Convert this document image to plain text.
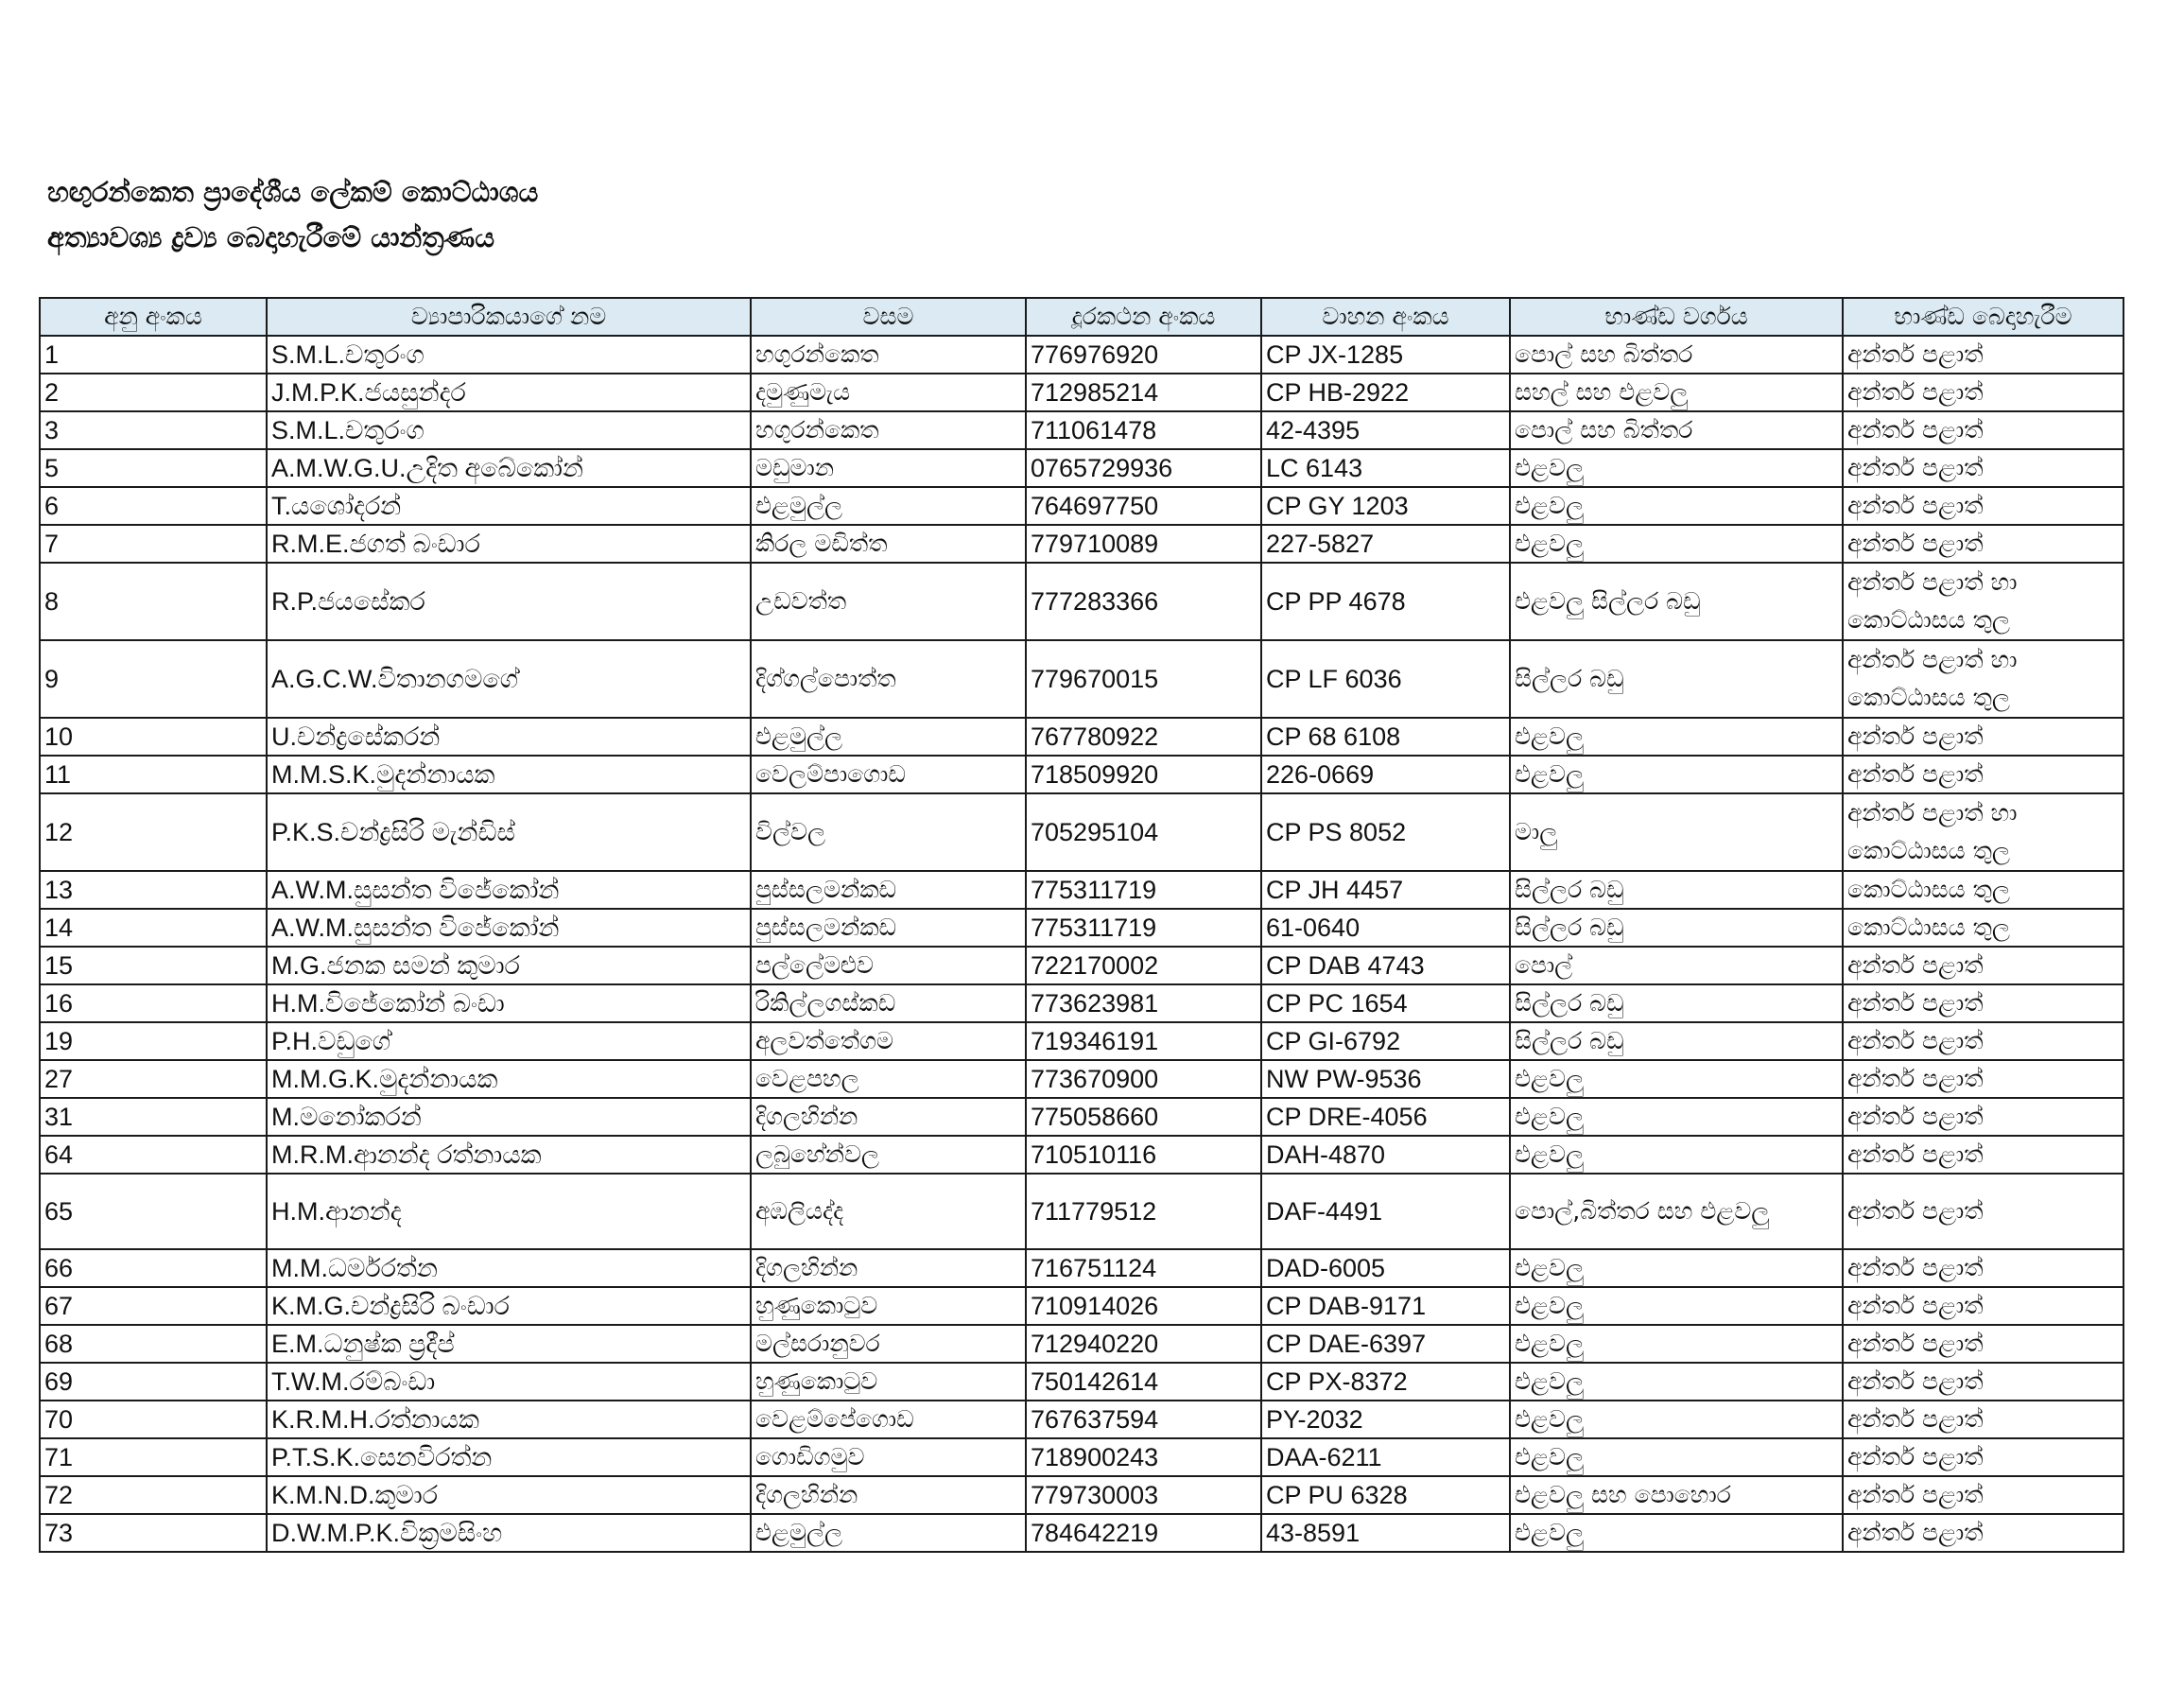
හඟුරන්කෙත ප්‍රාදේශීය ලේකම් කොට්ඨාශය
අත්‍යාවශ්‍ය ද්‍රව්‍ය බෙදාහැරීමේ යාන්ත්‍රණය
අනු අංකය	ව්‍යාපාරිකයාගේ නම	වසම	දූරකථන අංකය	වාහන අංකය	භාණ්ඩ වර්ගය	භාණ්ඩ බෙදාහැරීම
1	S.M.L.චතුරංග	හගුරන්කෙත	776976920	CP JX-1285	පොල් සහ බිත්තර	අන්තර් පළාත්
2	J.M.P.K.ජයසුන්දර	දමුණුමැය	712985214	CP HB-2922	සහල් සහ එළවලු	අන්තර් පළාත්
3	S.M.L.චතුරංග	හගුරන්කෙත	711061478	42-4395	පොල් සහ බිත්තර	අන්තර් පළාත්
5	A.M.W.G.U.උදිත අබේකෝන්	මඩුමාන	0765729936	LC 6143	එළවලු	අන්තර් පළාත්
6	T.යශෝදරන්	එළමුල්ල	764697750	CP GY 1203	එළවලු	අන්තර් පළාත්
7	R.M.E.ජගත් බංඩාර	කිරල මඩිත්ත	779710089	227-5827	එළවලු	අන්තර් පළාත්
8	R.P.ජයසේකර	උඩවත්ත	777283366	CP PP 4678	එළවලු සිල්ලර බඩු	අන්තර් පළාත් හා කොට්ඨාසය තුල
9	A.G.C.W.විතානගමගේ	දිග්ගල්පොත්ත	779670015	CP LF 6036	සිල්ලර බඩු	අන්තර් පළාත් හා කොට්ඨාසය තුල
10	U.චන්ද්‍රසේකරන්	එළමුල්ල	767780922	CP 68 6108	එළවලු	අන්තර් පළාත්
11	M.M.S.K.මුදන්නායක	වෙලම්පාගොඩ	718509920	226-0669	එළවලු	අන්තර් පළාත්
12	P.K.S.චන්ද්‍රසිරි මැන්ඩිස්	විල්වල	705295104	CP PS 8052	මාලු	අන්තර් පළාත් හා කොට්ඨාසය තුල
13	A.W.M.සුසන්ත විජේකෝන්	පුස්සලමන්කඩ	775311719	CP JH 4457	සිල්ලර බඩු	කොට්ඨාසය තුල
14	A.W.M.සුසන්ත විජේකෝන්	පුස්සලමන්කඩ	775311719	61-0640	සිල්ලර බඩු	කොට්ඨාසය තුල
15	M.G.ජනක සමන් කුමාර	පල්ලේමළුව	722170002	CP DAB 4743	පොල්	අන්තර් පළාත්
16	H.M.විජේකෝන් බංඩා	රිකිල්ලගස්කඩ	773623981	CP PC 1654	සිල්ලර බඩු	අන්තර් පළාත්
19	P.H.වඩුගේ	අලවත්තේගම	719346191	CP GI-6792	සිල්ලර බඩු	අන්තර් පළාත්
27	M.M.G.K.මුදන්නායක	වෙළපහල	773670900	NW PW-9536	එළවලු	අන්තර් පළාත්
31	M.මනෝකරන්	දිගලහින්න	775058660	CP DRE-4056	එළවලු	අන්තර් පළාත්
64	M.R.M.ආනන්ද රත්නායක	ලබුහේන්වල	710510116	DAH-4870	එළවලු	අන්තර් පළාත්
65	H.M.ආනන්ද	අඹලියද්ද	711779512	DAF-4491	පොල්,බිත්තර සහ එළවලු	අන්තර් පළාත්
66	M.M.ධර්මරත්න	දිගලහින්න	716751124	DAD-6005	එළවලු	අන්තර් පළාත්
67	K.M.G.චන්ද්‍රසිරි බංඩාර	හුණුකොටුව	710914026	CP DAB-9171	එළවලු	අන්තර් පළාත්
68	E.M.ධනුෂ්ක ප්‍රදීප්	මල්සරානුවර	712940220	CP DAE-6397	එළවලු	අන්තර් පළාත්
69	T.W.M.රම්බංඩා	හුණුකොටුව	750142614	CP PX-8372	එළවලු	අන්තර් පළාත්
70	K.R.M.H.රත්නායක	වෙළම්පේගොඩ	767637594	PY-2032	එළවලු	අන්තර් පළාත්
71	P.T.S.K.සෙනවිරත්න	ගොඩිගමුව	718900243	DAA-6211	එළවලු	අන්තර් පළාත්
72	K.M.N.D.කුමාර	දිගලහින්න	779730003	CP PU 6328	එළවලු සහ පොහොර	අන්තර් පළාත්
73	D.W.M.P.K.වික්‍රමසිංහ	එළමුල්ල	784642219	43-8591	එළවලු	අන්තර් පළාත්
